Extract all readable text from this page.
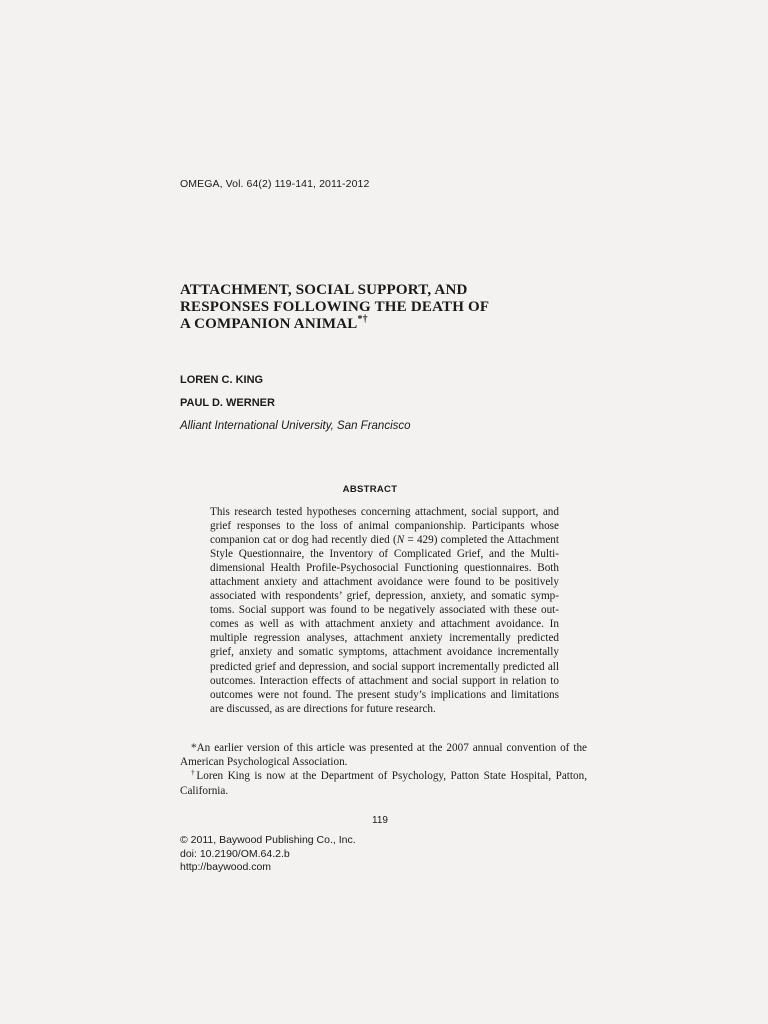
OMEGA, Vol. 64(2) 119-141, 2011-2012
ATTACHMENT, SOCIAL SUPPORT, AND
RESPONSES FOLLOWING THE DEATH OF
A COMPANION ANIMAL*†
LOREN C. KING
PAUL D. WERNER
Alliant International University, San Francisco
ABSTRACT

This research tested hypotheses concerning attachment, social support, and grief responses to the loss of animal companionship. Participants whose companion cat or dog had recently died (N = 429) completed the Attachment Style Questionnaire, the Inventory of Complicated Grief, and the Multi-dimensional Health Profile-Psychosocial Functioning questionnaires. Both attachment anxiety and attachment avoidance were found to be positively associated with respondents’ grief, depression, anxiety, and somatic symp-toms. Social support was found to be negatively associated with these out-comes as well as with attachment anxiety and attachment avoidance. In multiple regression analyses, attachment anxiety incrementally predicted grief, anxiety and somatic symptoms, attachment avoidance incrementally predicted grief and depression, and social support incrementally predicted all outcomes. Interaction effects of attachment and social support in relation to outcomes were not found. The present study’s implications and limitations are discussed, as are directions for future research.

*An earlier version of this article was presented at the 2007 annual convention of the American Psychological Association.

†Loren King is now at the Department of Psychology, Patton State Hospital, Patton, California.

119
© 2011, Baywood Publishing Co., Inc.
doi: 10.2190/OM.64.2.b
http://baywood.com
